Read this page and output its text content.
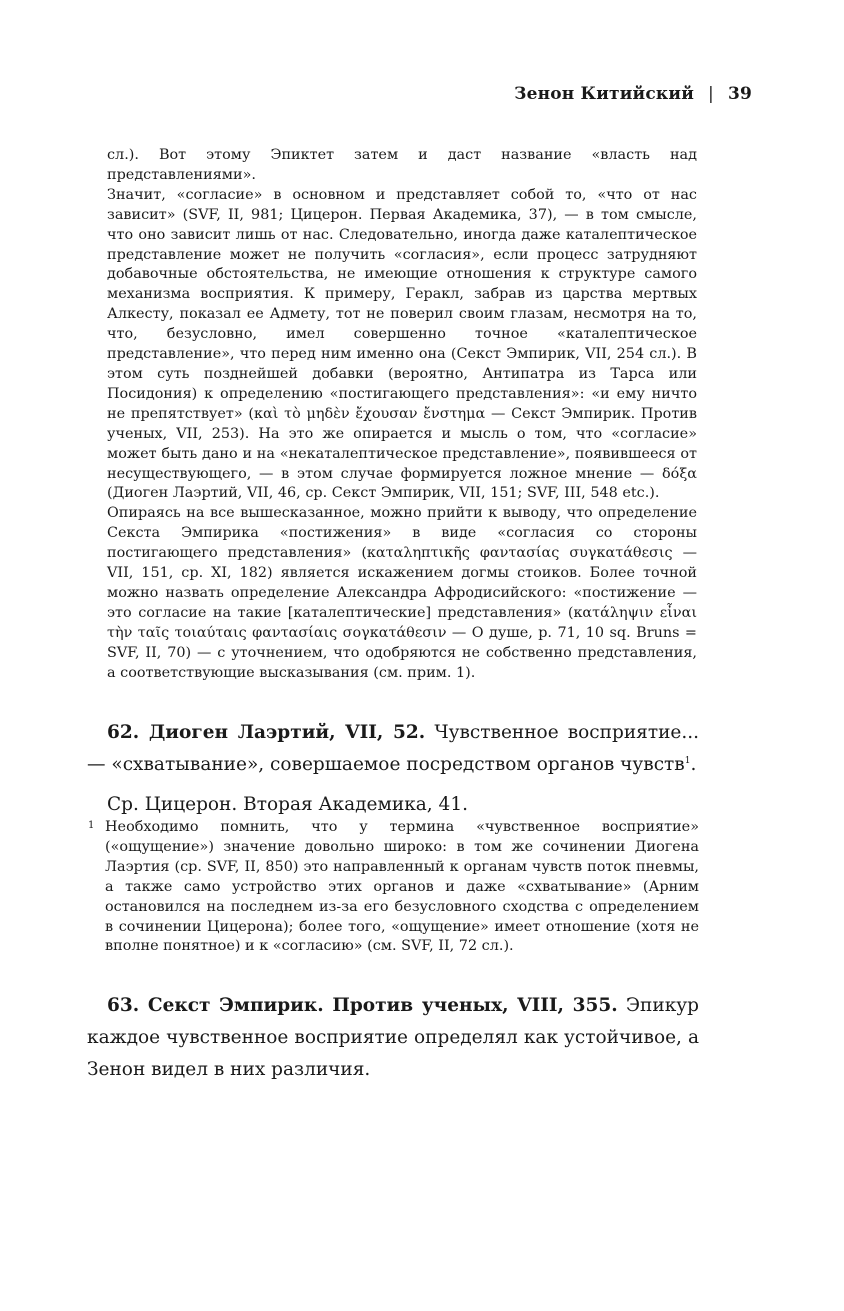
Зенон Китийский | 39

сл.). Вот этому Эпиктет затем и даст название «власть над представлениями».

Значит, «согласие» в основном и представляет собой то, «что от нас зависит» (SVF, II, 981; Цицерон. Первая Академика, 37), — в том смысле, что оно зависит лишь от нас. Следовательно, иногда даже каталептическое представление может не получить «согласия», если процесс затрудняют добавочные обстоятельства, не имеющие отношения к структуре самого механизма восприятия. К примеру, Геракл, забрав из царства мертвых Алкесту, показал ее Адмету, тот не поверил своим глазам, несмотря на то, что, безусловно, имел совершенно точное «каталептическое представление», что перед ним именно она (Секст Эмпирик, VII, 254 сл.). В этом суть позднейшей добавки (вероятно, Антипатра из Тарса или Посидония) к определению «постигающего представления»: «и ему ничто не препятствует» (καὶ τὸ μηδὲν ἔχουσαν ἔνστημα — Секст Эмпирик. Против ученых, VII, 253). На это же опирается и мысль о том, что «согласие» может быть дано и на «некаталептическое представление», появившееся от несуществующего, — в этом случае формируется ложное мнение — δόξα (Диоген Лаэртий, VII, 46, ср. Секст Эмпирик, VII, 151; SVF, III, 548 etc.).

Опираясь на все вышесказанное, можно прийти к выводу, что определение Секста Эмпирика «постижения» в виде «согласия со стороны постигающего представления» (καταληπτικῆς φαντασίας συγκατάθεσις — VII, 151, ср. XI, 182) является искажением догмы стоиков. Более точной можно назвать определение Александра Афродисийского: «постижение — это согласие на такие [каталептические] представления» (κατάληψιν εἶναι τὴν ταῖς τοιαύταις φαντασίαις σογκατάθεσιν — О душе, p. 71, 10 sq. Bruns = SVF, II, 70) — с уточнением, что одобряются не собственно представления, а соответствующие высказывания (см. прим. 1).

62. Диоген Лаэртий, VII, 52. Чувственное восприятие... — «схватывание», совершаемое посредством органов чувств$^1$.

Ср. Цицерон. Вторая Академика, 41.

1 Необходимо помнить, что у термина «чувственное восприятие» («ощущение») значение довольно широко: в том же сочинении Диогена Лаэртия (ср. SVF, II, 850) это направленный к органам чувств поток пневмы, а также само устройство этих органов и даже «схватывание» (Арним остановился на последнем из-за его безусловного сходства с определением в сочинении Цицерона); более того, «ощущение» имеет отношение (хотя не вполне понятное) и к «согласию» (см. SVF, II, 72 сл.).

63. Секст Эмпирик. Против ученых, VIII, 355. Эпикур каждое чувственное восприятие определял как устойчивое, а Зенон видел в них различия.
